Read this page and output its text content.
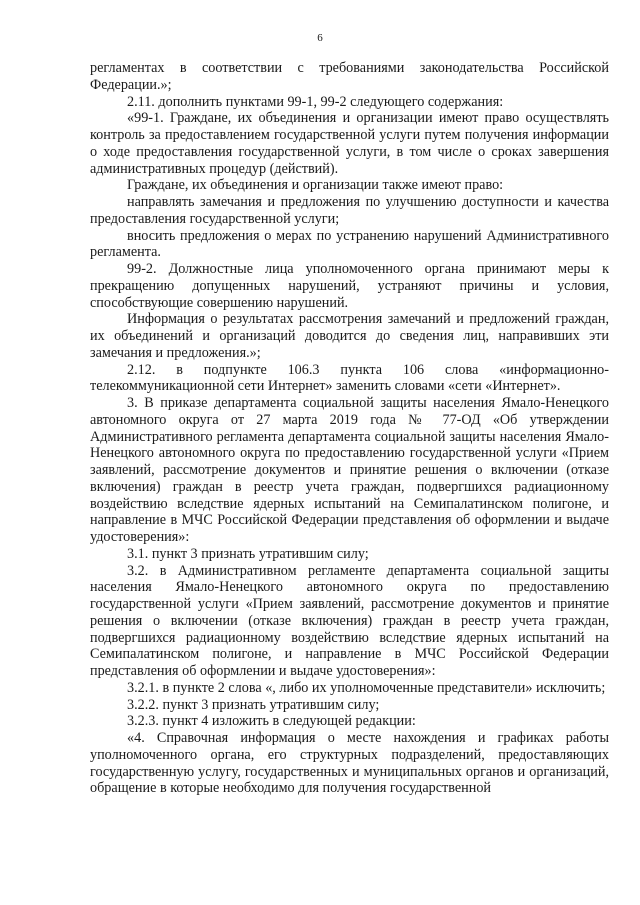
6

регламентах в соответствии с требованиями законодательства Российской Федерации.»;

2.11. дополнить пунктами 99-1, 99-2 следующего содержания:

«99-1. Граждане, их объединения и организации имеют право осуществлять контроль за предоставлением государственной услуги путем получения информации о ходе предоставления государственной услуги, в том числе о сроках завершения административных процедур (действий).

Граждане, их объединения и организации также имеют право:

направлять замечания и предложения по улучшению доступности и качества предоставления государственной услуги;

вносить предложения о мерах по устранению нарушений Административного регламента.

99-2. Должностные лица уполномоченного органа принимают меры к прекращению допущенных нарушений, устраняют причины и условия, способствующие совершению нарушений.

Информация о результатах рассмотрения замечаний и предложений граждан, их объединений и организаций доводится до сведения лиц, направивших эти замечания и предложения.»;

2.12. в подпункте 106.3 пункта 106 слова «информационно-телекоммуникационной сети Интернет» заменить словами «сети «Интернет».

3. В приказе департамента социальной защиты населения Ямало-Ненецкого автономного округа от 27 марта 2019 года № 77-ОД «Об утверждении Административного регламента департамента социальной защиты населения Ямало-Ненецкого автономного округа по предоставлению государственной услуги «Прием заявлений, рассмотрение документов и принятие решения о включении (отказе включения) граждан в реестр учета граждан, подвергшихся радиационному воздействию вследствие ядерных испытаний на Семипалатинском полигоне, и направление в МЧС Российской Федерации представления об оформлении и выдаче удостоверения»:

3.1. пункт 3 признать утратившим силу;

3.2. в Административном регламенте департамента социальной защиты населения Ямало-Ненецкого автономного округа по предоставлению государственной услуги «Прием заявлений, рассмотрение документов и принятие решения о включении (отказе включения) граждан в реестр учета граждан, подвергшихся радиационному воздействию вследствие ядерных испытаний на Семипалатинском полигоне, и направление в МЧС Российской Федерации представления об оформлении и выдаче удостоверения»:

3.2.1. в пункте 2 слова «, либо их уполномоченные представители» исключить;

3.2.2. пункт 3 признать утратившим силу;

3.2.3. пункт 4 изложить в следующей редакции:

«4. Справочная информация о месте нахождения и графиках работы уполномоченного органа, его структурных подразделений, предоставляющих государственную услугу, государственных и муниципальных органов и организаций, обращение в которые необходимо для получения государственной
